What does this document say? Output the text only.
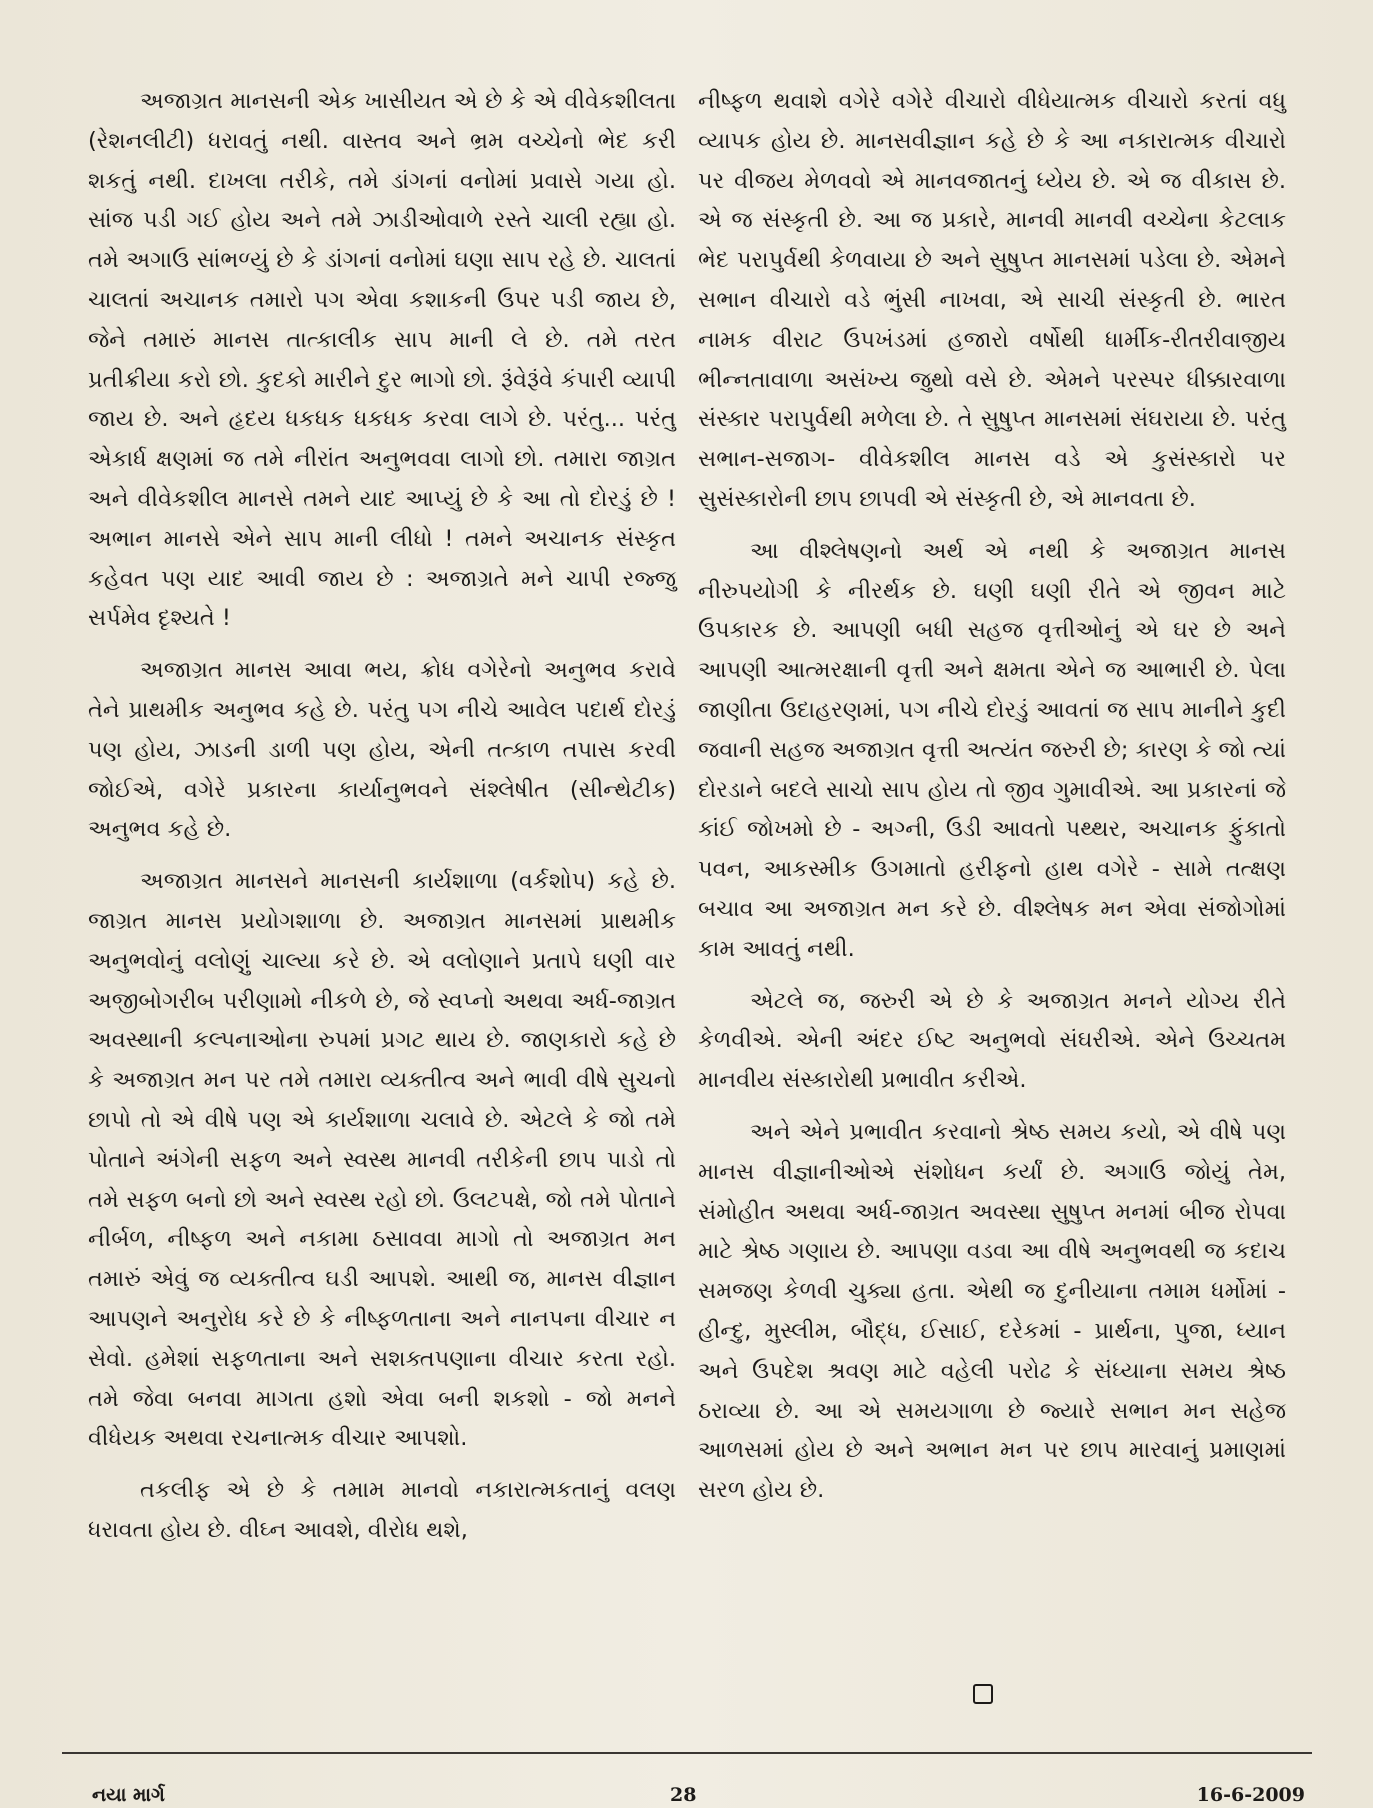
અજાગ્રત માનસની એક ખાસીયત એ છે કે એ વીવેકશીલતા (રેશનલીટી) ધરાવતું નથી. વાસ્તવ અને ભ્રમ વચ્ચેનો ભેદ કરી શકતું નથી. દાખલા તરીકે, તમે ડાંગનાં વનોમાં પ્રવાસે ગયા હો. સાંજ પડી ગઈ હોય અને તમે ઝાડીઓવાળે રસ્તે ચાલી રહ્યા હો. તમે અગાઉ સાંભળ્યું છે કે ડાંગનાં વનોમાં ઘણા સાપ રહે છે. ચાલતાં ચાલતાં અચાનક તમારો પગ એવા કશાકની ઉપર પડી જાય છે, જેને તમારું માનસ તાત્કાલીક સાપ માની લે છે. તમે તરત પ્રતીક્રીયા કરો છો. કુદકો મારીને દુર ભાગો છો. રૂંવેરૂંવે કંપારી વ્યાપી જાય છે. અને હૃદય ધકધક ધકધક કરવા લાગે છે. પરંતુ... પરંતુ એકાર્ધ ક્ષણમાં જ તમે નીરાંત અનુભવવા લાગો છો. તમારા જાગ્રત અને વીવેકશીલ માનસે તમને યાદ આપ્યું છે કે આ તો દોરડું છે ! અભાન માનસે એને સાપ માની લીધો ! તમને અચાનક સંસ્કૃત કહેવત પણ યાદ આવી જાય છે : અજાગ્રતે મને ચાપી રજ્જુ સર્પમેવ દૃશ્યતે !

અજાગ્રત માનસ આવા ભય, ક્રોધ વગેરેનો અનુભવ કરાવે તેને પ્રાથમીક અનુભવ કહે છે. પરંતુ પગ નીચે આવેલ પદાર્થ દોરડું પણ હોય, ઝાડની ડાળી પણ હોય, એની તત્કાળ તપાસ કરવી જોઈએ, વગેરે પ્રકારના કાર્યાનુભવને સંશ્લેષીત (સીન્થેટીક) અનુભવ કહે છે.

અજાગ્રત માનસને માનસની કાર્યશાળા (વર્કશોપ) કહે છે. જાગ્રત માનસ પ્રયોગશાળા છે. અજાગ્રત માનસમાં પ્રાથમીક અનુભવોનું વલોણું ચાલ્યા કરે છે. એ વલોણાને પ્રતાપે ઘણી વાર અજીબોગરીબ પરીણામો નીકળે છે, જે સ્વપ્નો અથવા અર્ધ-જાગ્રત અવસ્થાની કલ્પનાઓના રુપમાં પ્રગટ થાય છે. જાણકારો કહે છે કે અજાગ્રત મન પર તમે તમારા વ્યક્તીત્વ અને ભાવી વીષે સુચનો છાપો તો એ વીષે પણ એ કાર્યશાળા ચલાવે છે. એટલે કે જો તમે પોતાને અંગેની સફળ અને સ્વસ્થ માનવી તરીકેની છાપ પાડો તો તમે સફળ બનો છો અને સ્વસ્થ રહો છો. ઉલટપક્ષે, જો તમે પોતાને નીર્બળ, નીષ્ફળ અને નકામા ઠસાવવા માગો તો અજાગ્રત મન તમારું એવું જ વ્યક્તીત્વ ઘડી આપશે. આથી જ, માનસ વીજ્ઞાન આપણને અનુરોધ કરે છે કે નીષ્ફળતાના અને નાનપના વીચાર ન સેવો. હમેશાં સફળતાના અને સશક્તપણાના વીચાર કરતા રહો. તમે જેવા બનવા માગતા હશો એવા બની શકશો - જો મનને વીધેયક અથવા રચનાત્મક વીચાર આપશો.

તકલીફ એ છે કે તમામ માનવો નકારાત્મકતાનું વલણ ધરાવતા હોય છે. વીઘ્ન આવશે, વીરોધ થશે,

નીષ્ફળ થવાશે વગેરે વગેરે વીચારો વીધેયાત્મક વીચારો કરતાં વધુ વ્યાપક હોય છે. માનસવીજ્ઞાન કહે છે કે આ નકારાત્મક વીચારો પર વીજય મેળવવો એ માનવજાતનું ધ્યેય છે. એ જ વીકાસ છે. એ જ સંસ્કૃતી છે. આ જ પ્રકારે, માનવી માનવી વચ્ચેના કેટલાક ભેદ પરાપુર્વથી કેળવાયા છે અને સુષુપ્ત માનસમાં પડેલા છે. એમને સભાન વીચારો વડે ભુંસી નાખવા, એ સાચી સંસ્કૃતી છે. ભારત નામક વીરાટ ઉપખંડમાં હજારો વર્ષોથી ધાર્મીક-રીતરીવાજીય ભીન્નતાવાળા અસંખ્ય જુથો વસે છે. એમને પરસ્પર ધીક્કારવાળા સંસ્કાર પરાપુર્વથી મળેલા છે. તે સુષુપ્ત માનસમાં સંઘરાયા છે. પરંતુ સભાન-સજાગ- વીવેકશીલ માનસ વડે એ કુસંસ્કારો પર સુસંસ્કારોની છાપ છાપવી એ સંસ્કૃતી છે, એ માનવતા છે.

આ વીશ્લેષણનો અર્થ એ નથી કે અજાગ્રત માનસ નીરુપયોગી કે નીરર્થક છે. ઘણી ઘણી રીતે એ જીવન માટે ઉપકારક છે. આપણી બધી સહજ વૃત્તીઓનું એ ઘર છે અને આપણી આત્મરક્ષાની વૃત્તી અને ક્ષમતા એને જ આભારી છે. પેલા જાણીતા ઉદાહરણમાં, પગ નીચે દોરડું આવતાં જ સાપ માનીને કુદી જવાની સહજ અજાગ્રત વૃત્તી અત્યંત જરુરી છે; કારણ કે જો ત્યાં દોરડાને બદલે સાચો સાપ હોય તો જીવ ગુમાવીએ. આ પ્રકારનાં જે કાંઈ જોખમો છે - અગ્ની, ઉડી આવતો પથ્થર, અચાનક ફુંકાતો પવન, આકસ્મીક ઉગમાતો હરીફનો હાથ વગેરે - સામે તત્ક્ષણ બચાવ આ અજાગ્રત મન કરે છે. વીશ્લેષક મન એવા સંજોગોમાં કામ આવતું નથી.

એટલે જ, જરુરી એ છે કે અજાગ્રત મનને યોગ્ય રીતે કેળવીએ. એની અંદર ઈષ્ટ અનુભવો સંઘરીએ. એને ઉચ્ચતમ માનવીય સંસ્કારોથી પ્રભાવીત કરીએ.

અને એને પ્રભાવીત કરવાનો શ્રેષ્ઠ સમય કયો, એ વીષે પણ માનસ વીજ્ઞાનીઓએ સંશોધન કર્યાં છે. અગાઉ જોયું તેમ, સંમોહીત અથવા અર્ધ-જાગ્રત અવસ્થા સુષુપ્ત મનમાં બીજ રોપવા માટે શ્રેષ્ઠ ગણાય છે. આપણા વડવા આ વીષે અનુભવથી જ કદાચ સમજણ કેળવી ચુક્યા હતા. એથી જ દુનીયાના તમામ ધર્મોમાં - હીન્દુ, મુસ્લીમ, બૌદ્ધ, ઈસાઈ, દરેકમાં - પ્રાર્થના, પુજા, ધ્યાન અને ઉપદેશ શ્રવણ માટે વહેલી પરોઢ કે સંધ્યાના સમય શ્રેષ્ઠ ઠરાવ્યા છે. આ એ સમયગાળા છે જ્યારે સભાન મન સહેજ આળસમાં હોય છે અને અભાન મન પર છાપ મારવાનું પ્રમાણમાં સરળ હોય છે.

નયા માર્ગ	28	16-6-2009
